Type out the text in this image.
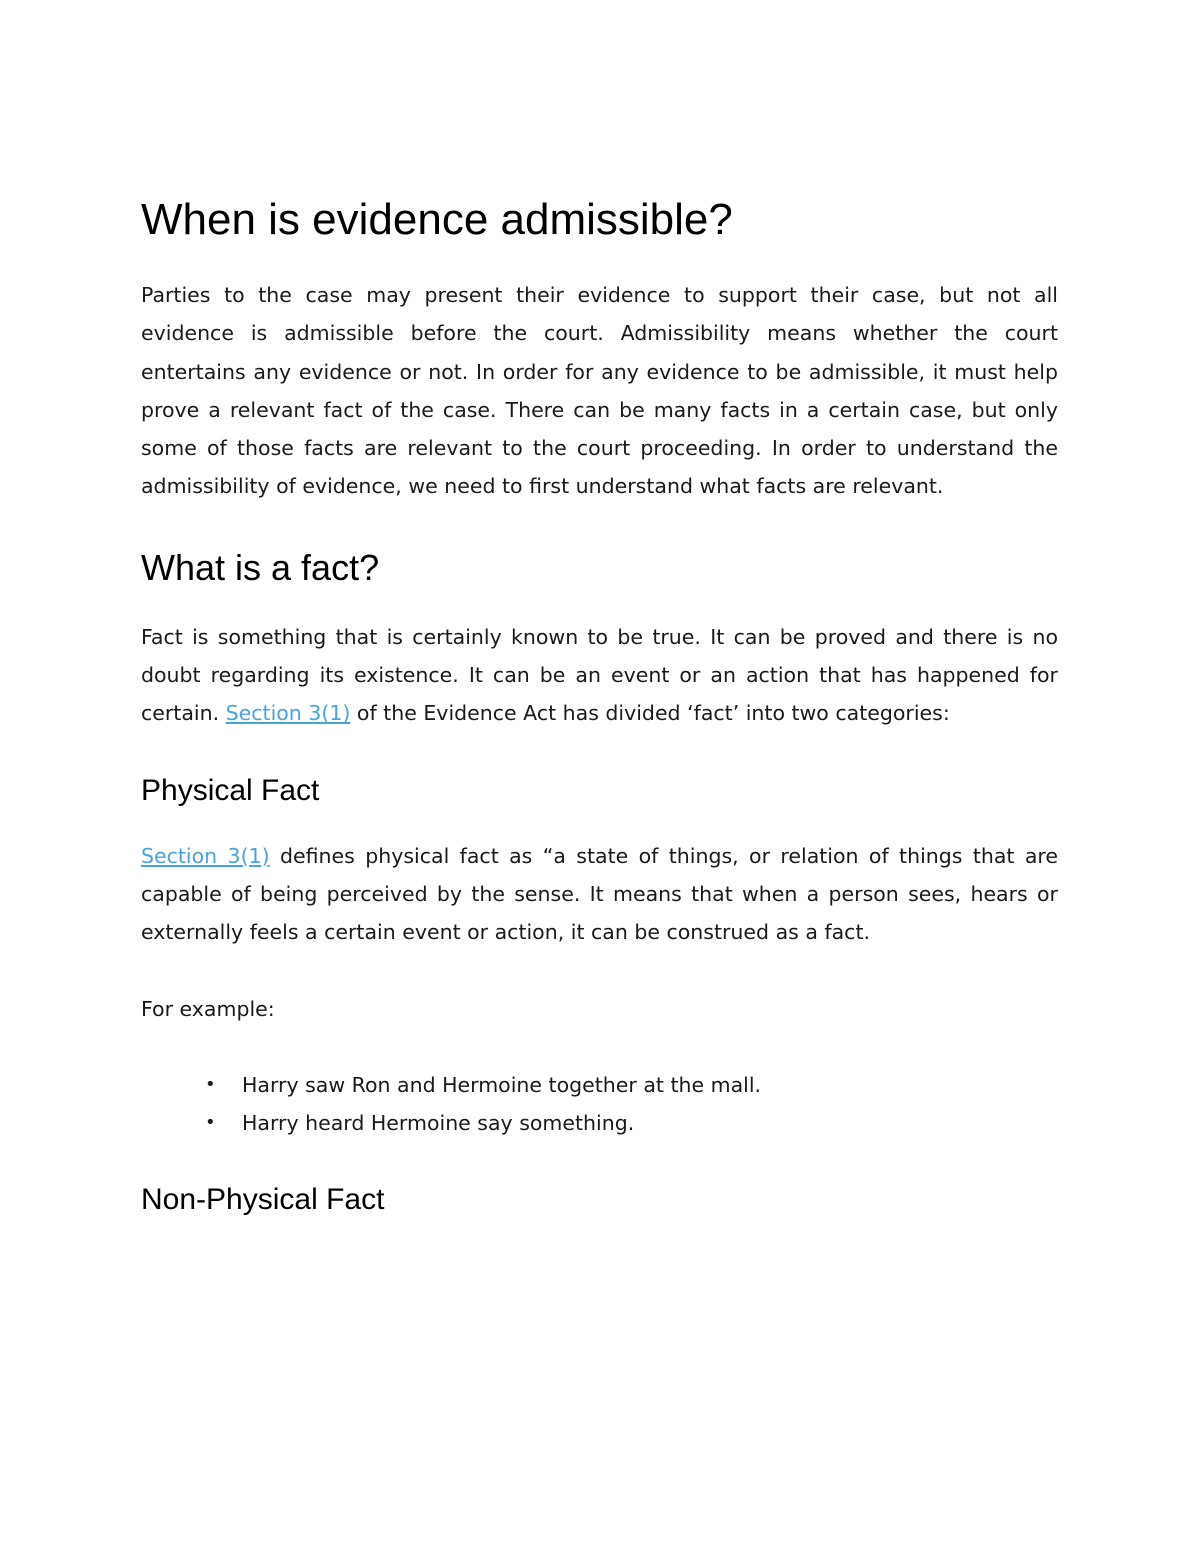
When is evidence admissible?

Parties to the case may present their evidence to support their case, but not all evidence is admissible before the court. Admissibility means whether the court entertains any evidence or not. In order for any evidence to be admissible, it must help prove a relevant fact of the case. There can be many facts in a certain case, but only some of those facts are relevant to the court proceeding. In order to understand the admissibility of evidence, we need to first understand what facts are relevant.

What is a fact?

Fact is something that is certainly known to be true. It can be proved and there is no doubt regarding its existence. It can be an event or an action that has happened for certain. Section 3(1) of the Evidence Act has divided ‘fact’ into two categories:

Physical Fact

Section 3(1) defines physical fact as “a state of things, or relation of things that are capable of being perceived by the sense. It means that when a person sees, hears or externally feels a certain event or action, it can be construed as a fact.

For example:

• Harry saw Ron and Hermoine together at the mall.
• Harry heard Hermoine say something.
Non-Physical Fact
